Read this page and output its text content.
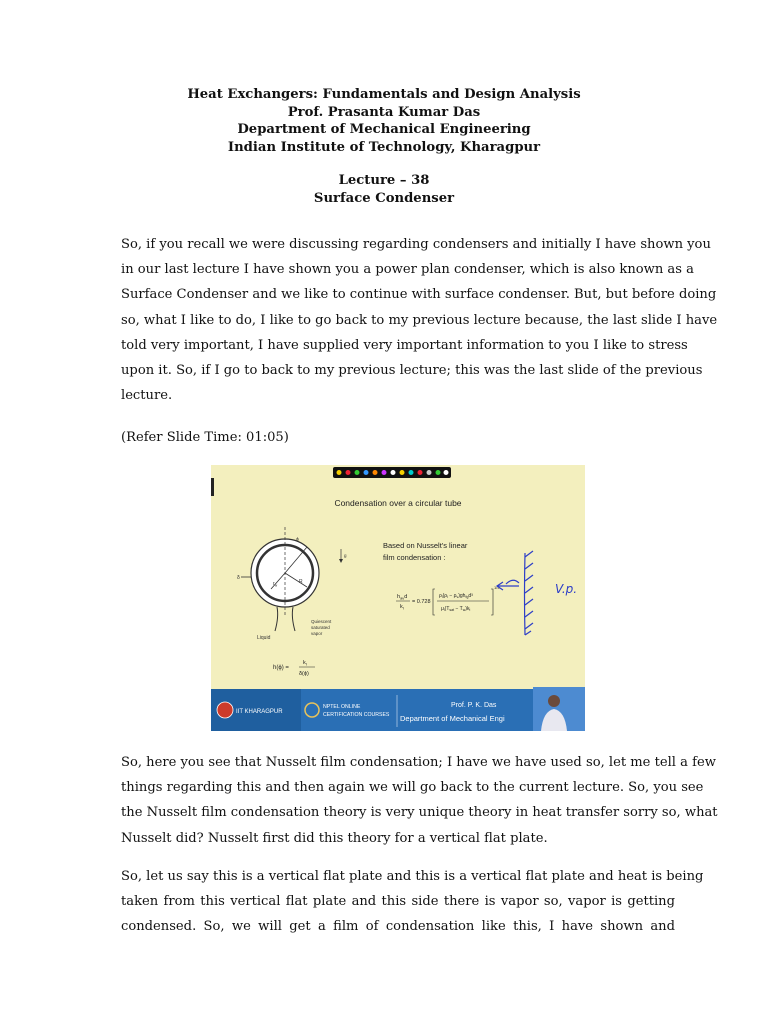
Heat Exchangers: Fundamentals and Design Analysis
Prof. Prasanta Kumar Das
Department of Mechanical Engineering
Indian Institute of Technology, Kharagpur
Lecture – 38
Surface Condenser
So, if you recall we were discussing regarding condensers and initially I have shown you
in our last lecture I have shown you a power plan condenser, which is also known as a
Surface Condenser and we like to continue with surface condenser. But, but before doing
so, what I like to do, I like to go back to my previous lecture because, the last slide I have
told very important, I have supplied very important information to you I like to stress
upon it. So, if I go to back to my previous lecture; this was the last slide of the previous
lecture.
(Refer Slide Time: 01:05)
Condensation over a circular tube
δ
ϕ
R
$r_w$
Liquid
Quiescent
saturated
vapor
g
h(ϕ) =
$k_l$
δ(ϕ)
Based on Nusselt's linear
film condensation :
$h_{av}d$
$k_l$
= 0.728
$\rho_l(\rho_l - \rho_v)gh_{fg}d^3$
$\mu_l(T_{sat} - T_w)k_l$
1/4	V.p.
IIT KHARAGPUR
NPTEL ONLINE
CERTIFICATION COURSES
Prof. P. K. Das
Department of Mechanical Engi
So, here you see that Nusselt film condensation; I have we have used so, let me tell a few
things regarding this and then again we will go back to the current lecture. So, you see
the Nusselt film condensation theory is very unique theory in heat transfer sorry so, what
Nusselt did? Nusselt first did this theory for a vertical flat plate.
So, let us say this is a vertical flat plate and this is a vertical flat plate and heat is being
taken from this vertical flat plate and this side there is vapor so, vapor is getting
condensed. So, we will get a film of condensation like this, I have shown and
